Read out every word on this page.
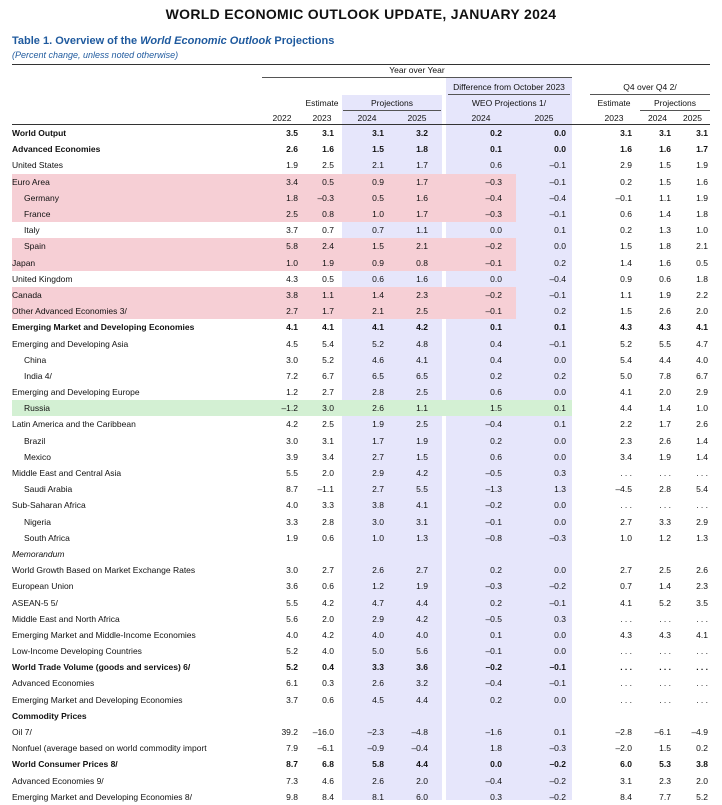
WORLD ECONOMIC OUTLOOK UPDATE, JANUARY 2024
Table 1. Overview of the World Economic Outlook Projections
(Percent change, unless noted otherwise)
Year over Year
Estimate	Projections
Difference from October 2023
WEO Projections 1/
Q4 over Q4 2/
Estimate	Projections
2022	2023	2024	2025	2024	2025	2023	2024	2025
World Output	3.5	3.1	3.1	3.2		0.2	0.0		3.1	3.1	3.1
Advanced Economies	2.6	1.6	1.5	1.8		0.1	0.0		1.6	1.6	1.7
United States	1.9	2.5	2.1	1.7		0.6	–0.1		2.9	1.5	1.9
Euro Area	3.4	0.5	0.9	1.7		–0.3	–0.1		0.2	1.5	1.6
Germany	1.8	–0.3	0.5	1.6		–0.4	–0.4		–0.1	1.1	1.9
France	2.5	0.8	1.0	1.7		–0.3	–0.1		0.6	1.4	1.8
Italy	3.7	0.7	0.7	1.1		0.0	0.1		0.2	1.3	1.0
Spain	5.8	2.4	1.5	2.1		–0.2	0.0		1.5	1.8	2.1
Japan	1.0	1.9	0.9	0.8		–0.1	0.2		1.4	1.6	0.5
United Kingdom	4.3	0.5	0.6	1.6		0.0	–0.4		0.9	0.6	1.8
Canada	3.8	1.1	1.4	2.3		–0.2	–0.1		1.1	1.9	2.2
Other Advanced Economies 3/	2.7	1.7	2.1	2.5		–0.1	0.2		1.5	2.6	2.0
Emerging Market and Developing Economies	4.1	4.1	4.1	4.2		0.1	0.1		4.3	4.3	4.1
Emerging and Developing Asia	4.5	5.4	5.2	4.8		0.4	–0.1		5.2	5.5	4.7
China	3.0	5.2	4.6	4.1		0.4	0.0		5.4	4.4	4.0
India 4/	7.2	6.7	6.5	6.5		0.2	0.2		5.0	7.8	6.7
Emerging and Developing Europe	1.2	2.7	2.8	2.5		0.6	0.0		4.1	2.0	2.9
Russia	–1.2	3.0	2.6	1.1		1.5	0.1		4.4	1.4	1.0
Latin America and the Caribbean	4.2	2.5	1.9	2.5		–0.4	0.1		2.2	1.7	2.6
Brazil	3.0	3.1	1.7	1.9		0.2	0.0		2.3	2.6	1.4
Mexico	3.9	3.4	2.7	1.5		0.6	0.0		3.4	1.9	1.4
Middle East and Central Asia	5.5	2.0	2.9	4.2		–0.5	0.3		. . .	. . .	. . .
Saudi Arabia	8.7	–1.1	2.7	5.5		–1.3	1.3		–4.5	2.8	5.4
Sub-Saharan Africa	4.0	3.3	3.8	4.1		–0.2	0.0		. . .	. . .	. . .
Nigeria	3.3	2.8	3.0	3.1		–0.1	0.0		2.7	3.3	2.9
South Africa	1.9	0.6	1.0	1.3		–0.8	–0.3		1.0	1.2	1.3
Memorandum											
World Growth Based on Market Exchange Rates	3.0	2.7	2.6	2.7		0.2	0.0		2.7	2.5	2.6
European Union	3.6	0.6	1.2	1.9		–0.3	–0.2		0.7	1.4	2.3
ASEAN-5 5/	5.5	4.2	4.7	4.4		0.2	–0.1		4.1	5.2	3.5
Middle East and North Africa	5.6	2.0	2.9	4.2		–0.5	0.3		. . .	. . .	. . .
Emerging Market and Middle-Income Economies	4.0	4.2	4.0	4.0		0.1	0.0		4.3	4.3	4.1
Low-Income Developing Countries	5.2	4.0	5.0	5.6		–0.1	0.0		. . .	. . .	. . .
World Trade Volume (goods and services) 6/	5.2	0.4	3.3	3.6		–0.2	–0.1		. . .	. . .	. . .
Advanced Economies	6.1	0.3	2.6	3.2		–0.4	–0.1		. . .	. . .	. . .
Emerging Market and Developing Economies	3.7	0.6	4.5	4.4		0.2	0.0		. . .	. . .	. . .
Commodity Prices											
Oil 7/	39.2	–16.0	–2.3	–4.8		–1.6	0.1		–2.8	–6.1	–4.9
Nonfuel (average based on world commodity import	7.9	–6.1	–0.9	–0.4		1.8	–0.3		–2.0	1.5	0.2
World Consumer Prices 8/	8.7	6.8	5.8	4.4		0.0	–0.2		6.0	5.3	3.8
Advanced Economies 9/	7.3	4.6	2.6	2.0		–0.4	–0.2		3.1	2.3	2.0
Emerging Market and Developing Economies 8/	9.8	8.4	8.1	6.0		0.3	–0.2		8.4	7.7	5.2
